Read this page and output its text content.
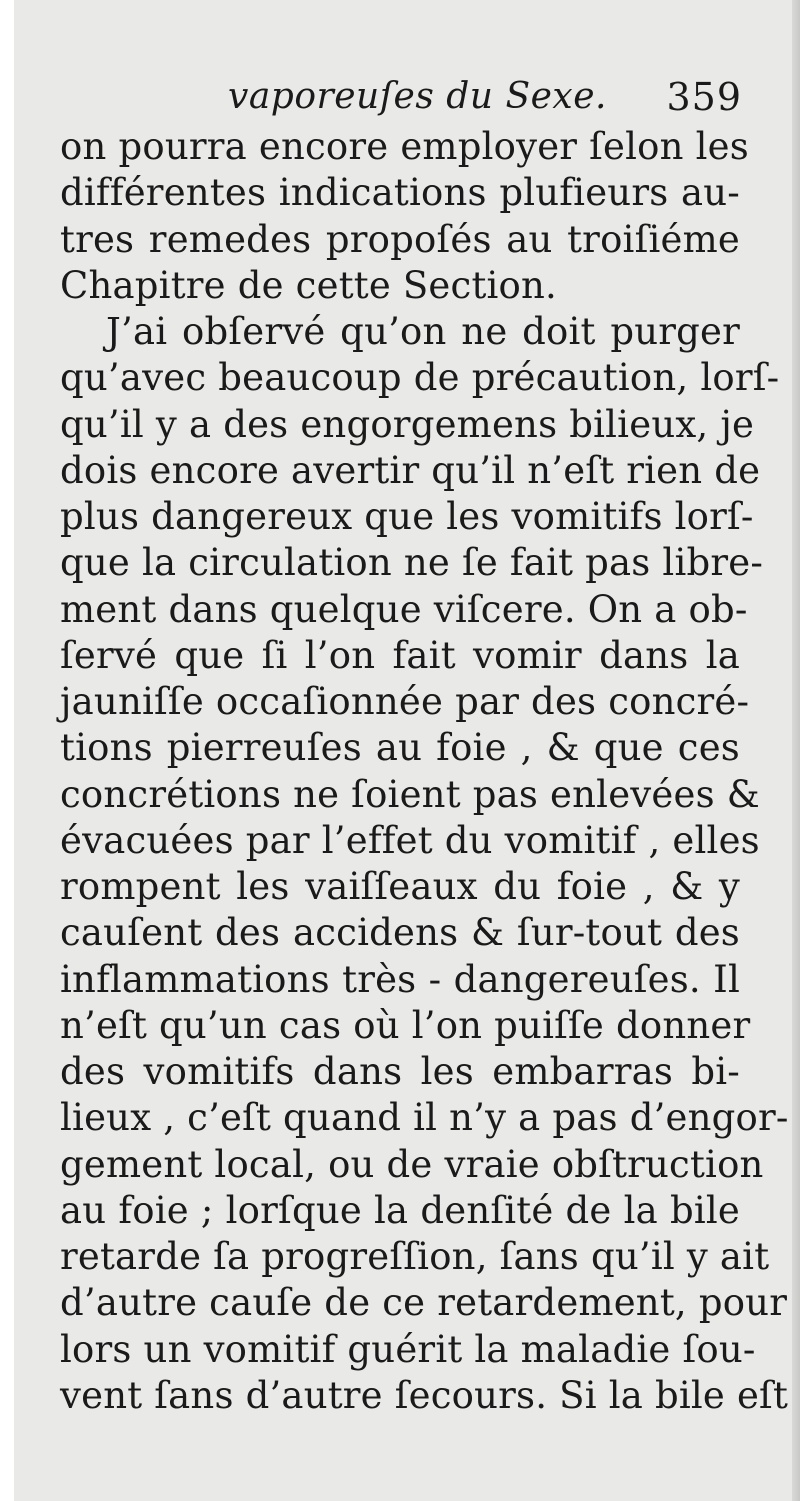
vaporeuſes du Sexe. 359
on pourra encore employer ſelon les
différentes indications plufieurs au-
tres remedes propoſés au troiſiéme
Chapitre de cette Section.
J’ai obſervé qu’on ne doit purger
qu’avec beaucoup de précaution, lorſ-
qu’il y a des engorgemens bilieux, je
dois encore avertir qu’il n’eſt rien de
plus dangereux que les vomitifs lorſ-
que la circulation ne ſe fait pas libre-
ment dans quelque viſcere. On a ob-
ſervé que ſi l’on fait vomir dans la
jauniſſe occaſionnée par des concré-
tions pierreuſes au foie , & que ces
concrétions ne ſoient pas enlevées &
évacuées par l’effet du vomitif , elles
rompent les vaiſſeaux du foie , & y
cauſent des accidens & ſur-tout des
inflammations très - dangereuſes. Il
n’eſt qu’un cas où l’on puiſſe donner
des vomitifs dans les embarras bi-
lieux , c’eſt quand il n’y a pas d’engor-
gement local, ou de vraie obſtruction
au foie ; lorſque la denſité de la bile
retarde ſa progreſſion, ſans qu’il y ait
d’autre cauſe de ce retardement, pour
lors un vomitif guérit la maladie ſou-
vent ſans d’autre ſecours. Si la bile eſt
